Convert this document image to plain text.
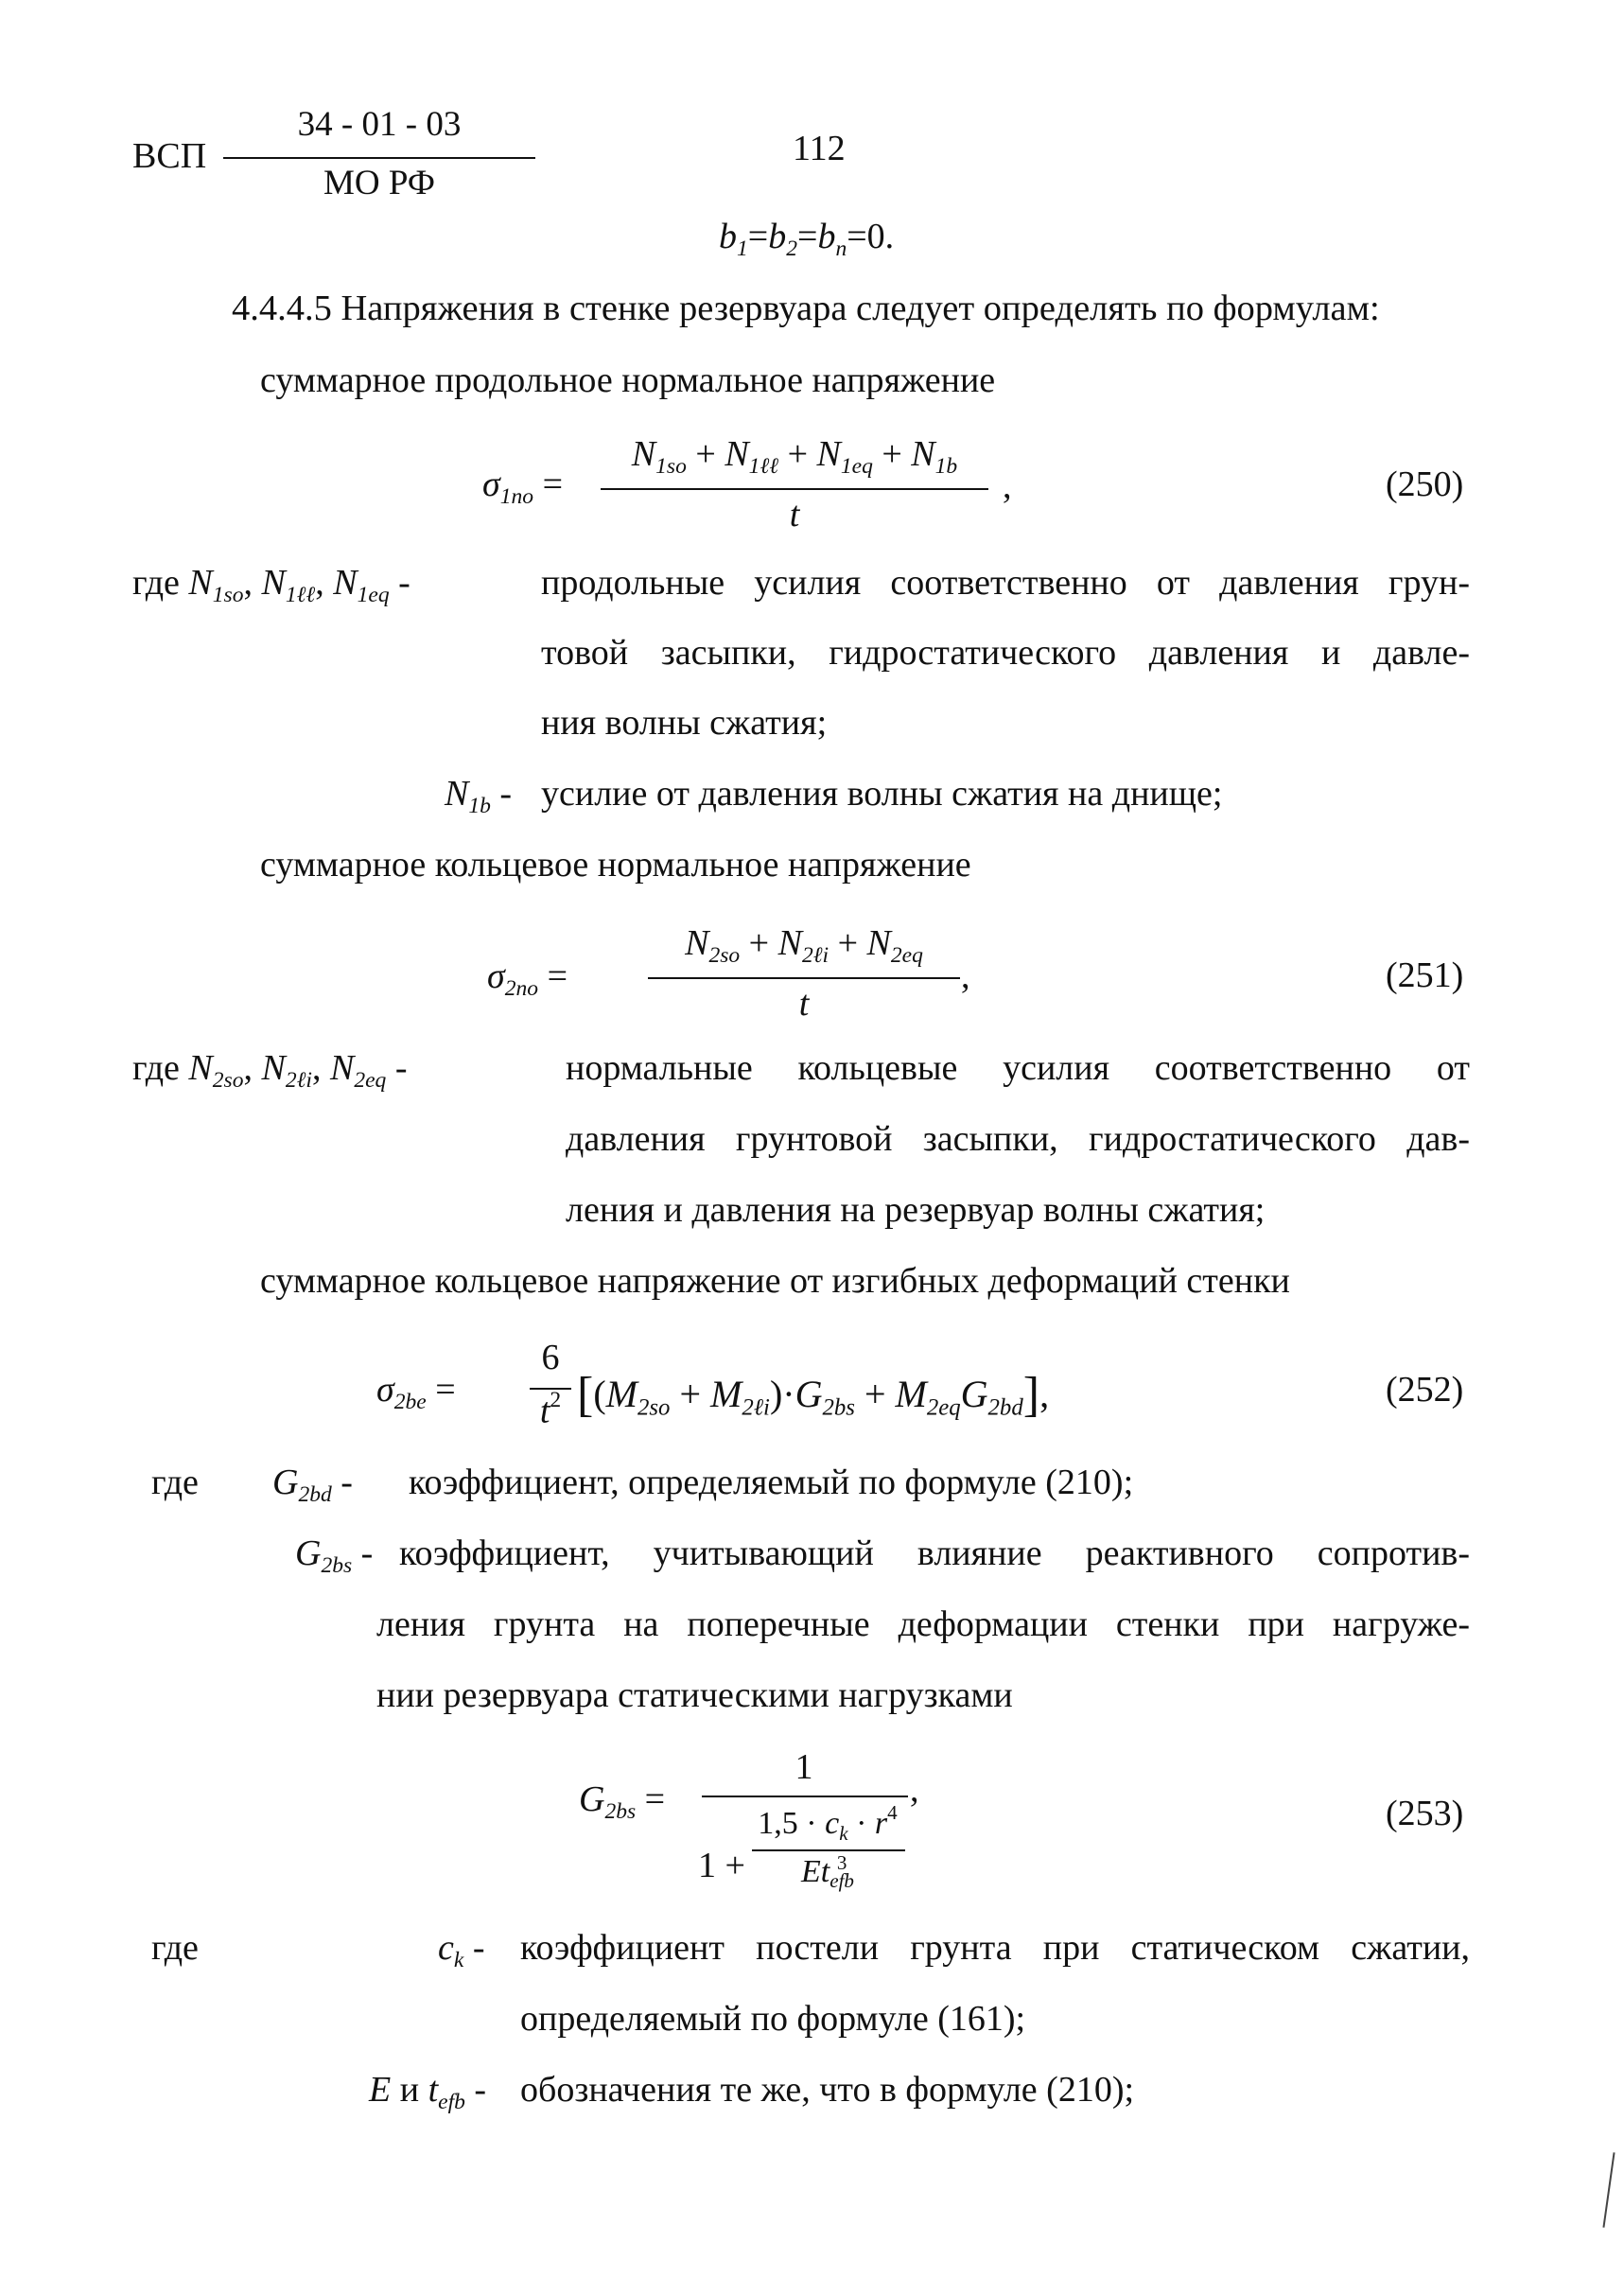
ВСП
34 - 01 - 03
МО РФ
112
$b_1=b_2=b_n=0$.
4.4.4.5 Напряжения в стенке резервуара следует определять по формулам:
суммарное продольное нормальное напряжение
$\sigma_{1no}$ =
$N_{1so} + N_{1\ell\ell} + N_{1eq} + N_{1b}$
t
,	(250)
где $N_{1so}$, $N_{1\ell\ell}$, $N_{1eq}$ -	продольные усилия соответственно от давления грун-
товой засыпки, гидростатического давления и давле-
ния волны сжатия;
$N_{1b}$ - усилие от давления волны сжатия на днище;
суммарное кольцевое нормальное напряжение
$\sigma_{2no}$ =
$N_{2so} + N_{2\ell i} + N_{2eq}$
t
,	(251)
где $N_{2so}$, $N_{2\ell i}$, $N_{2eq}$ -	нормальные кольцевые усилия соответственно от
давления грунтовой засыпки, гидростатического дав-
ления и давления на резервуар волны сжатия;
суммарное кольцевое напряжение от изгибных деформаций стенки
$\sigma_{2be}$ =
6
$t^2$ $[(M_{2so} + M_{2\ell i})\cdot G_{2bs} + M_{2eq}G_{2bd}]$,	(252)
где $G_{2bd}$ - коэффициент, определяемый по формуле (210);
$G_{2bs}$ - коэффициент, учитывающий влияние реактивного сопротив-
ления грунта на поперечные деформации стенки при нагруже-
нии резервуара статическими нагрузками
$G_{2bs}$ =
1
1 +
$1,5 \cdot c_k \cdot r^4$
Et 3
efb
,
(253)
где	$c_k$ - коэффициент постели грунта при статическом сжатии,
определяемый по формуле (161);
E и $t_{efb}$ - обозначения те же, что в формуле (210);
